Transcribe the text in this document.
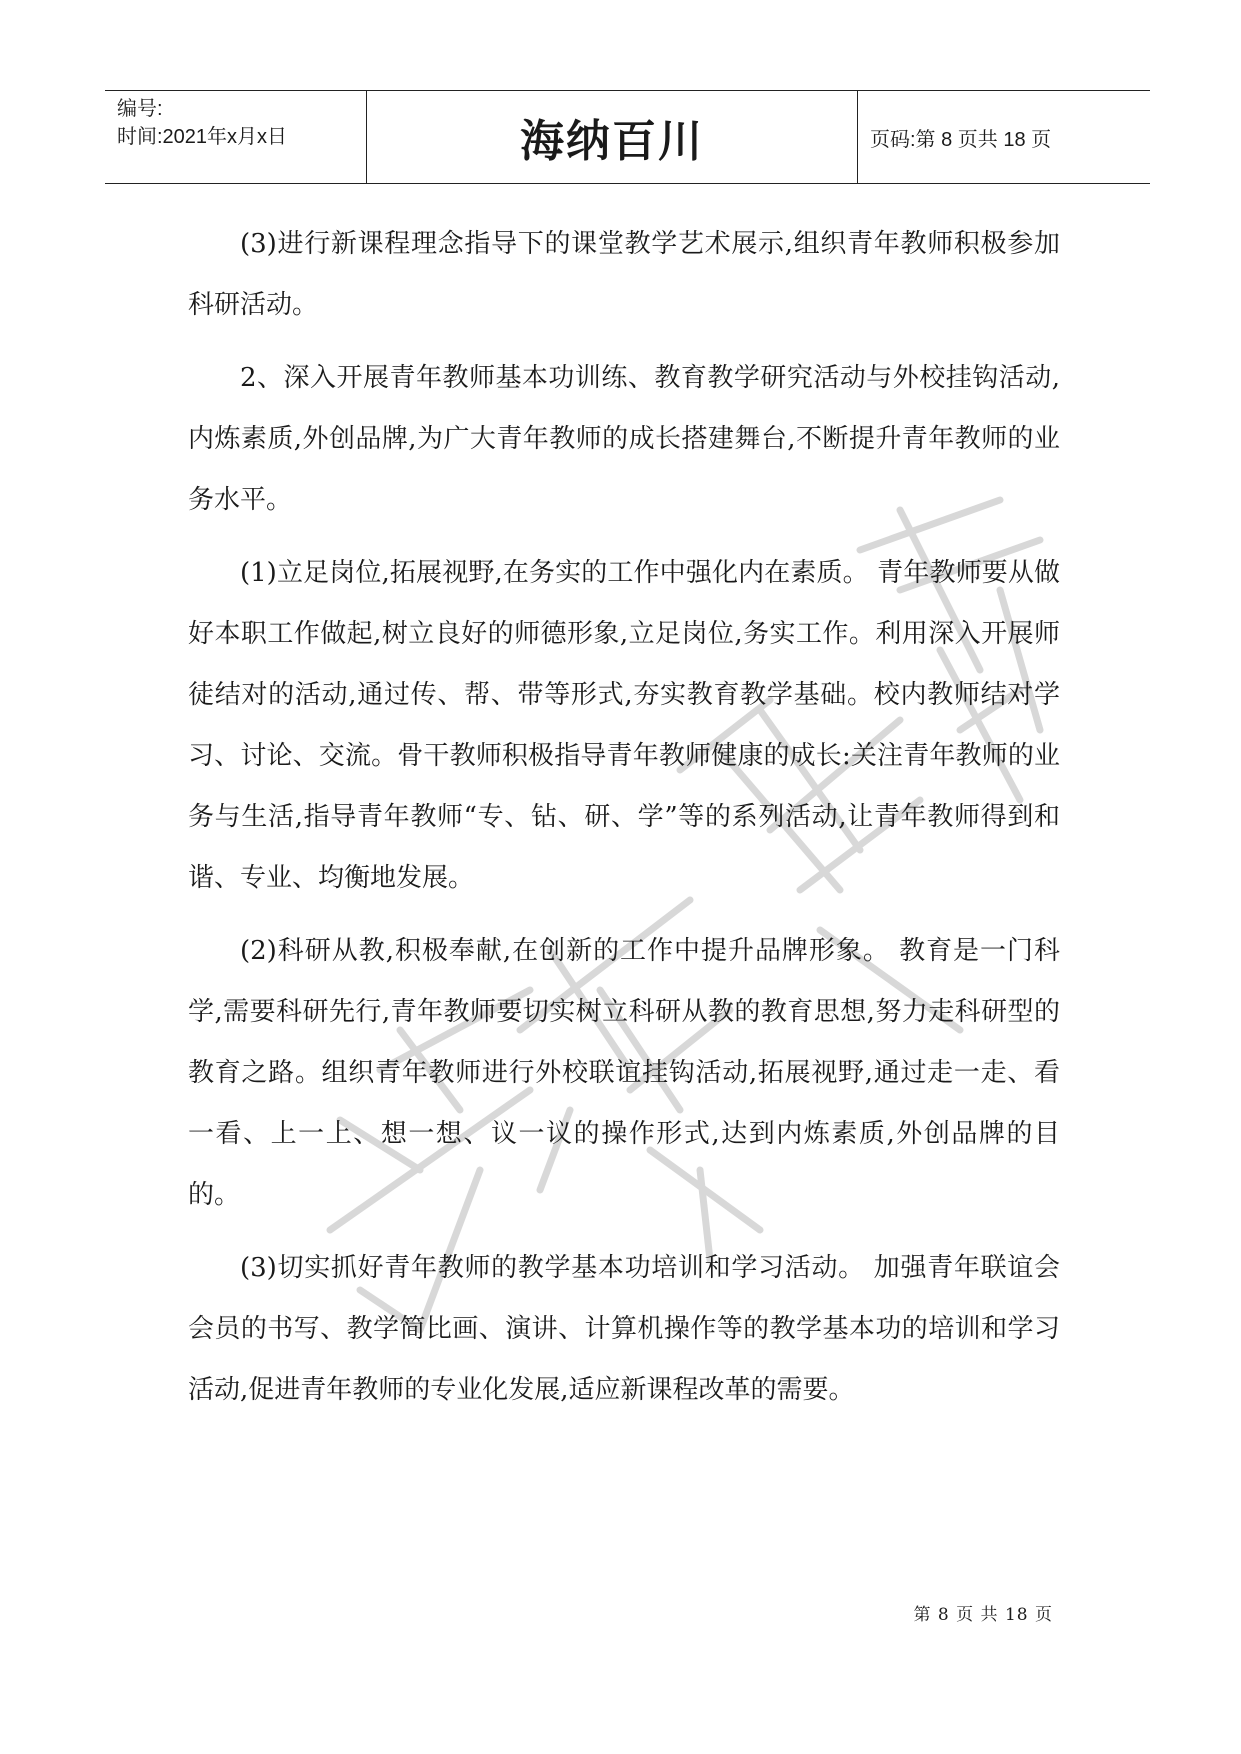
编号:
时间:2021年x月x日	海纳百川	页码:第 8 页共 18 页

(3)进行新课程理念指导下的课堂教学艺术展示,组织青年教师积极参加科研活动。

2、深入开展青年教师基本功训练、教育教学研究活动与外校挂钩活动,内炼素质,外创品牌,为广大青年教师的成长搭建舞台,不断提升青年教师的业务水平。

(1)立足岗位,拓展视野,在务实的工作中强化内在素质。 青年教师要从做好本职工作做起,树立良好的师德形象,立足岗位,务实工作。利用深入开展师徒结对的活动,通过传、帮、带等形式,夯实教育教学基础。校内教师结对学习、讨论、交流。骨干教师积极指导青年教师健康的成长:关注青年教师的业务与生活,指导青年教师“专、钻、研、学”等的系列活动,让青年教师得到和谐、专业、均衡地发展。

(2)科研从教,积极奉献,在创新的工作中提升品牌形象。 教育是一门科学,需要科研先行,青年教师要切实树立科研从教的教育思想,努力走科研型的教育之路。组织青年教师进行外校联谊挂钩活动,拓展视野,通过走一走、看一看、上一上、想一想、议一议的操作形式,达到内炼素质,外创品牌的目的。

(3)切实抓好青年教师的教学基本功培训和学习活动。 加强青年联谊会会员的书写、教学简比画、演讲、计算机操作等的教学基本功的培训和学习活动,促进青年教师的专业化发展,适应新课程改革的需要。

第 8 页 共 18 页
